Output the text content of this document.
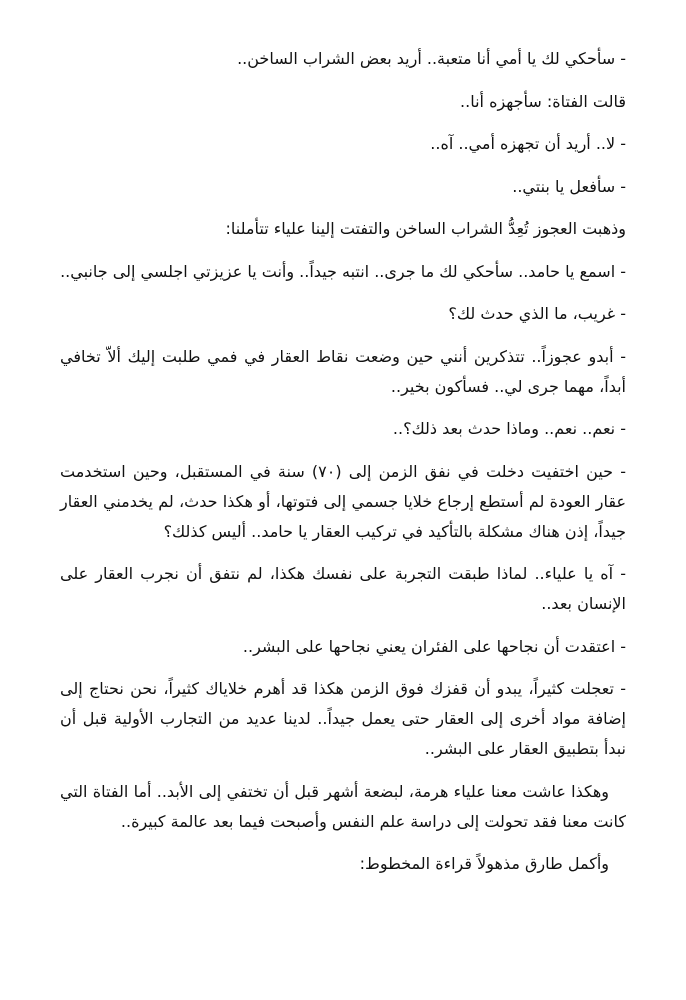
- سأحكي لك يا أمي أنا متعبة.. أريد بعض الشراب الساخن..

قالت الفتاة: سأجهزه أنا..

- لا.. أريد أن تجهزه أمي.. آه..

- سأفعل يا بنتي..

وذهبت العجوز تُعِدُّ الشراب الساخن والتفتت إلينا علياء تتأملنا:

- اسمع يا حامد.. سأحكي لك ما جرى.. انتبه جيداً.. وأنت يا عزيزتي اجلسي إلى جانبي..

- غريب، ما الذي حدث لك؟

- أبدو عجوزاً.. تتذكرين أنني حين وضعت نقاط العقار في فمي طلبت إليك ألاّ تخافي أبداً، مهما جرى لي.. فسأكون بخير..

- نعم.. نعم.. وماذا حدث بعد ذلك؟..

- حين اختفيت دخلت في نفق الزمن إلى (٧٠) سنة في المستقبل، وحين استخدمت عقار العودة لم أستطع إرجاع خلايا جسمي إلى فتوتها، أو هكذا حدث، لم يخدمني العقار جيداً، إذن هناك مشكلة بالتأكيد في تركيب العقار يا حامد.. أليس كذلك؟

- آه يا علياء.. لماذا طبقت التجربة على نفسك هكذا، لم نتفق أن نجرب العقار على الإنسان بعد..

- اعتقدت أن نجاحها على الفئران يعني نجاحها على البشر..

- تعجلت كثيراً، يبدو أن قفزك فوق الزمن هكذا قد أهرم خلاياك كثيراً، نحن نحتاج إلى إضافة مواد أخرى إلى العقار حتى يعمل جيداً.. لدينا عديد من التجارب الأولية قبل أن نبدأ بتطبيق العقار على البشر..

وهكذا عاشت معنا علياء هرمة، لبضعة أشهر قبل أن تختفي إلى الأبد.. أما الفتاة التي كانت معنا فقد تحولت إلى دراسة علم النفس وأصبحت فيما بعد عالمة كبيرة..

وأكمل طارق مذهولاً قراءة المخطوط:
